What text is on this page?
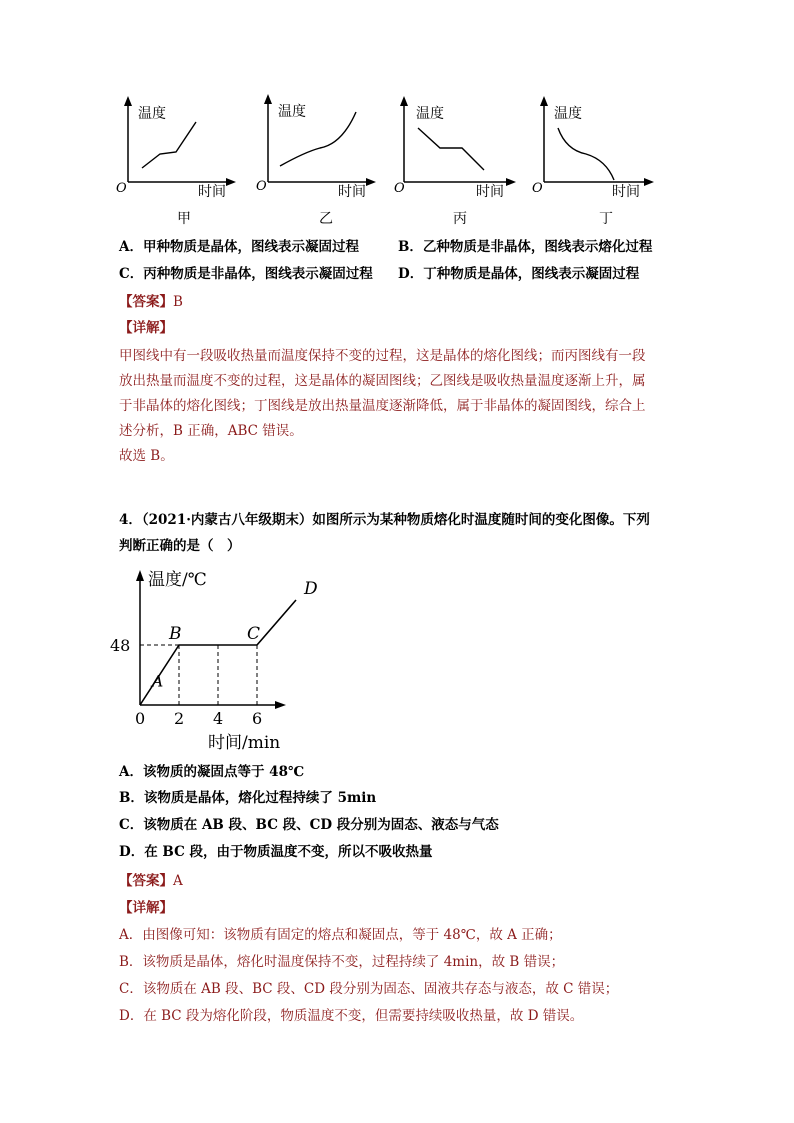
温度
O	时间
温度
O	时间
温度
O	时间
温度
O	时间
甲	乙	丙	丁
A．甲种物质是晶体，图线表示凝固过程	B．乙种物质是非晶体，图线表示熔化过程
C．丙种物质是非晶体，图线表示凝固过程 D．丁种物质是晶体，图线表示凝固过程
【答案】B
【详解】
甲图线中有一段吸收热量而温度保持不变的过程，这是晶体的熔化图线；而丙图线有一段
放出热量而温度不变的过程，这是晶体的凝固图线；乙图线是吸收热量温度逐渐上升，属
于非晶体的熔化图线；丁图线是放出热量温度逐渐降低，属于非晶体的凝固图线，综合上
述分析，B 正确，ABC 错误。
故选 B。
4．（2021·内蒙古八年级期末）如图所示为某种物质熔化时温度随时间的变化图像。下列
判断正确的是（　）
温度/℃
时间/min
B	C
D
A
48
0 2 4 6
A．该物质的凝固点等于 48℃
B．该物质是晶体，熔化过程持续了 5min
C．该物质在 AB 段、BC 段、CD 段分别为固态、液态与气态
D．在 BC 段，由于物质温度不变，所以不吸收热量
【答案】A
【详解】
A．由图像可知：该物质有固定的熔点和凝固点，等于 48℃，故 A 正确；
B．该物质是晶体，熔化时温度保持不变，过程持续了 4min，故 B 错误；
C．该物质在 AB 段、BC 段、CD 段分别为固态、固液共存态与液态，故 C 错误；
D．在 BC 段为熔化阶段，物质温度不变，但需要持续吸收热量，故 D 错误。
